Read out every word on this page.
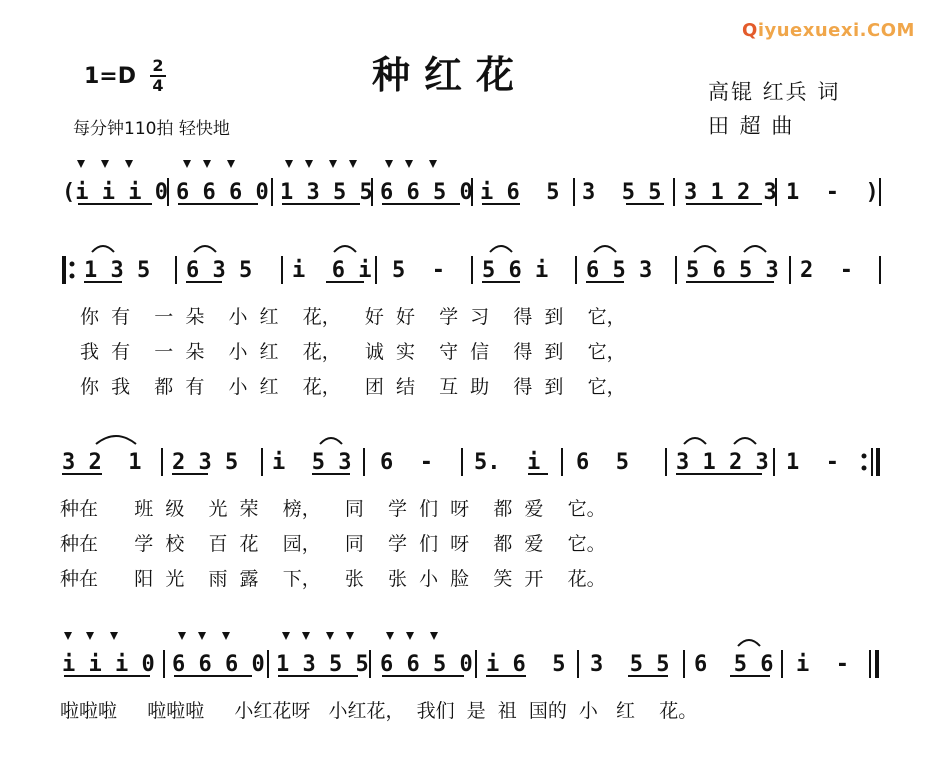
Qiyuexuexi.COM
种红花
1=D 2
4
每分钟110拍 轻快地
高锟 红兵 词
田 超 曲
(i i i 0 6 6 6 0 1 3 5 5 6 6 5 0 i 6  5 3  5 5 3 1 2 3 1  -  )
1 3 5 6 3 5 i  6 i 5  - 5 6 i 6 5 3 5 6 5 3 2  -
你  有    一  朵    小  红    花，    好  好    学  习    得  到    它，
我  有    一  朵    小  红    花，    诚  实    守  信    得  到    它，
你  我    都  有    小  红    花，    团  结    互  助    得  到    它，
3 2  1 2 3 5 i  5 3 6  - 5.  i 6  5 3 1 2 3 1  -
种在      班  级    光  荣    榜，    同    学  们  呀    都  爱    它。
种在      学  校    百  花    园，    同    学  们  呀    都  爱    它。
种在      阳  光    雨  露    下，    张    张  小  脸    笑  开    花。
i i i 0 6 6 6 0 1 3 5 5 6 6 5 0 i 6  5 3  5 5 6  5 6 i  -
啦啦啦     啦啦啦     小红花呀   小红花，  我们  是  祖  国的  小   红    花。
